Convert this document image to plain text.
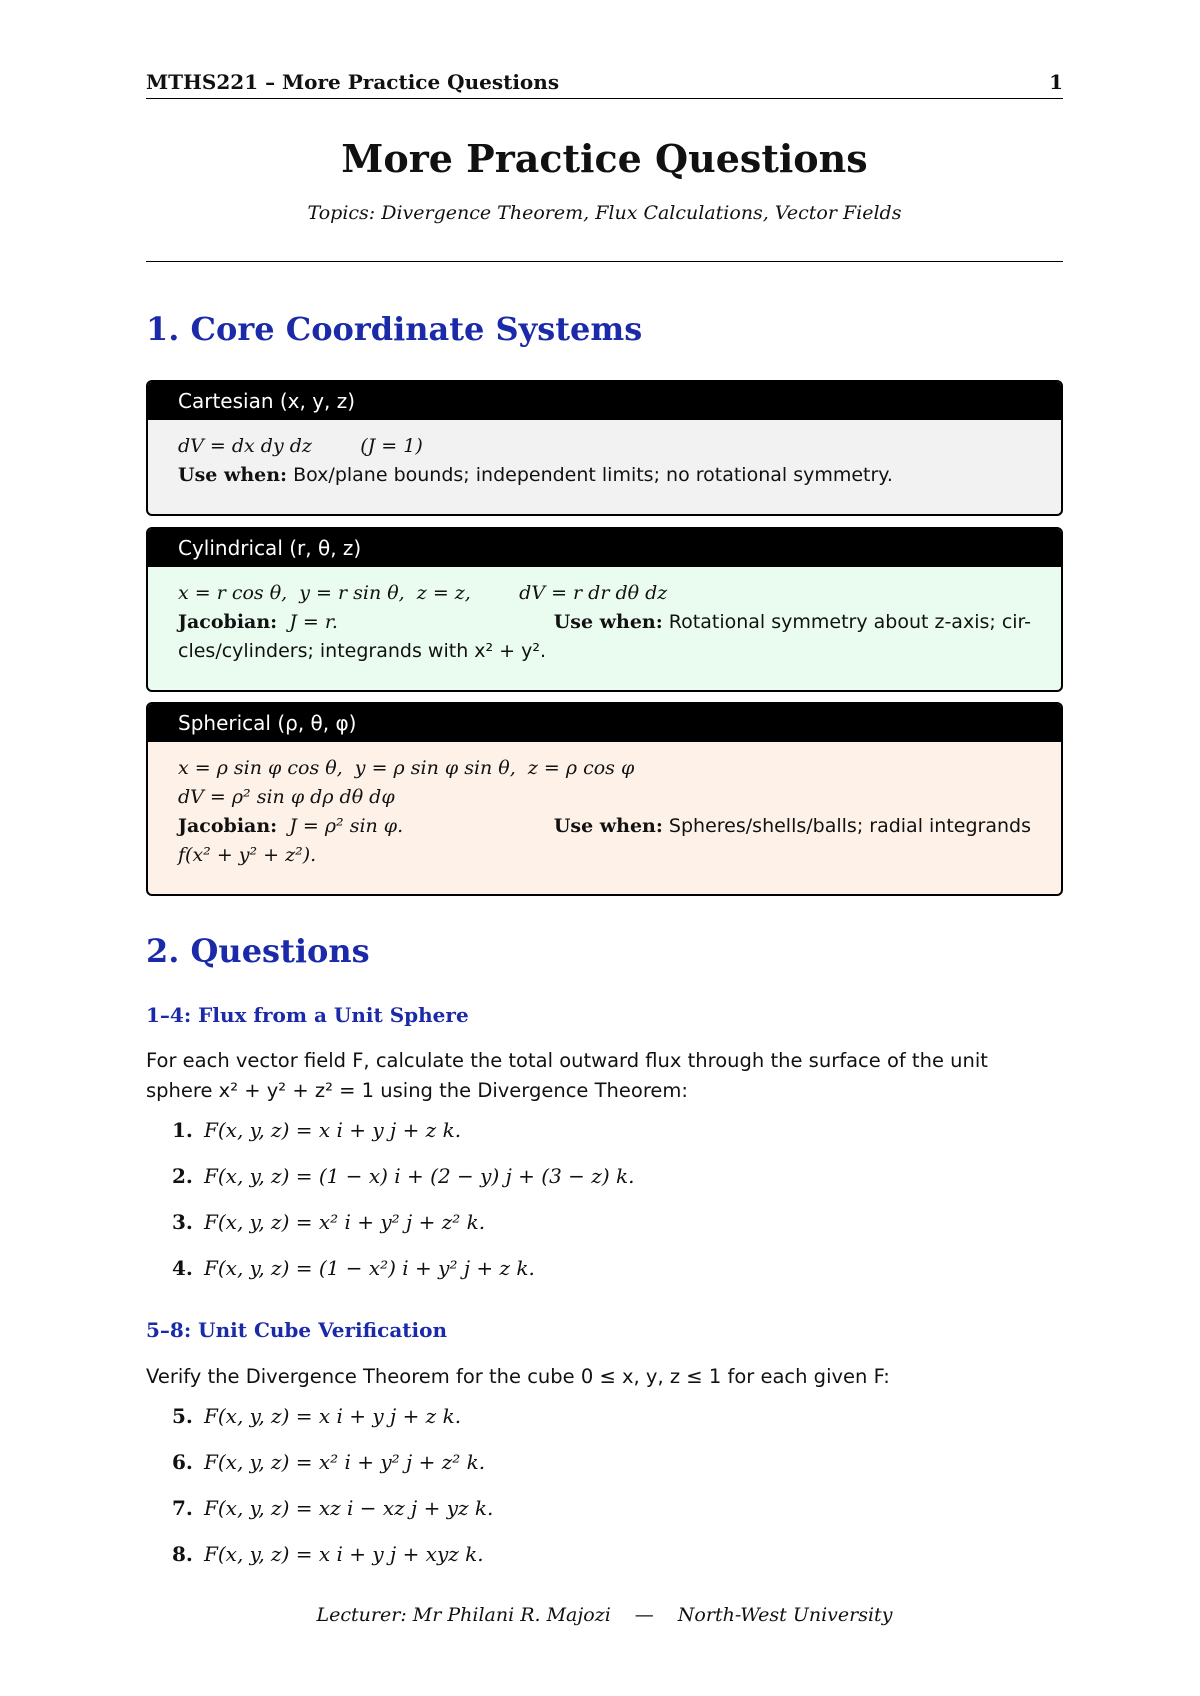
MTHS221 – More Practice Questions	1
More Practice Questions
Topics: Divergence Theorem, Flux Calculations, Vector Fields
1. Core Coordinate Systems
Cartesian (x, y, z)
dV = dx dy dz        (J = 1)
Use when: Box/plane bounds; independent limits; no rotational symmetry.
Cylindrical (r, θ, z)
x = r cos θ,  y = r sin θ,  z = z,        dV = r dr dθ dz
Jacobian:  J = r.	Use when: Rotational symmetry about z-axis; cir-
cles/cylinders; integrands with x² + y².
Spherical (ρ, θ, φ)
x = ρ sin φ cos θ,  y = ρ sin φ sin θ,  z = ρ cos φ
dV = ρ² sin φ dρ dθ dφ
Jacobian:  J = ρ² sin φ.	Use when: Spheres/shells/balls; radial integrands
f(x² + y² + z²).
2. Questions
1–4: Flux from a Unit Sphere
For each vector field F, calculate the total outward flux through the surface of the unit
sphere x² + y² + z² = 1 using the Divergence Theorem:
1. F(x, y, z) = x i + y j + z k.
2. F(x, y, z) = (1 − x) i + (2 − y) j + (3 − z) k.
3. F(x, y, z) = x² i + y² j + z² k.
4. F(x, y, z) = (1 − x²) i + y² j + z k.
5–8: Unit Cube Verification
Verify the Divergence Theorem for the cube 0 ≤ x, y, z ≤ 1 for each given F:
5. F(x, y, z) = x i + y j + z k.
6. F(x, y, z) = x² i + y² j + z² k.
7. F(x, y, z) = xz i − xz j + yz k.
8. F(x, y, z) = x i + y j + xyz k.
Lecturer: Mr Philani R. Majozi — North-West University
